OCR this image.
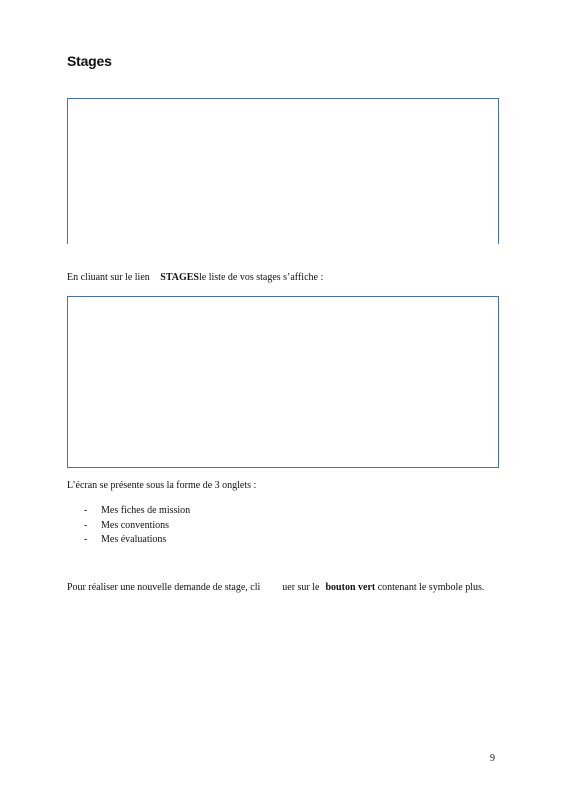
Stages
En cliuant sur le lien STAGESle liste de vos stages s’affiche :
L’écran se présente sous la forme de 3 onglets :
- Mes fiches de mission
- Mes conventions
- Mes évaluations
Pour réaliser une nouvelle demande de stage, cli uer sur le bouton vert contenant le symbole plus.
9
